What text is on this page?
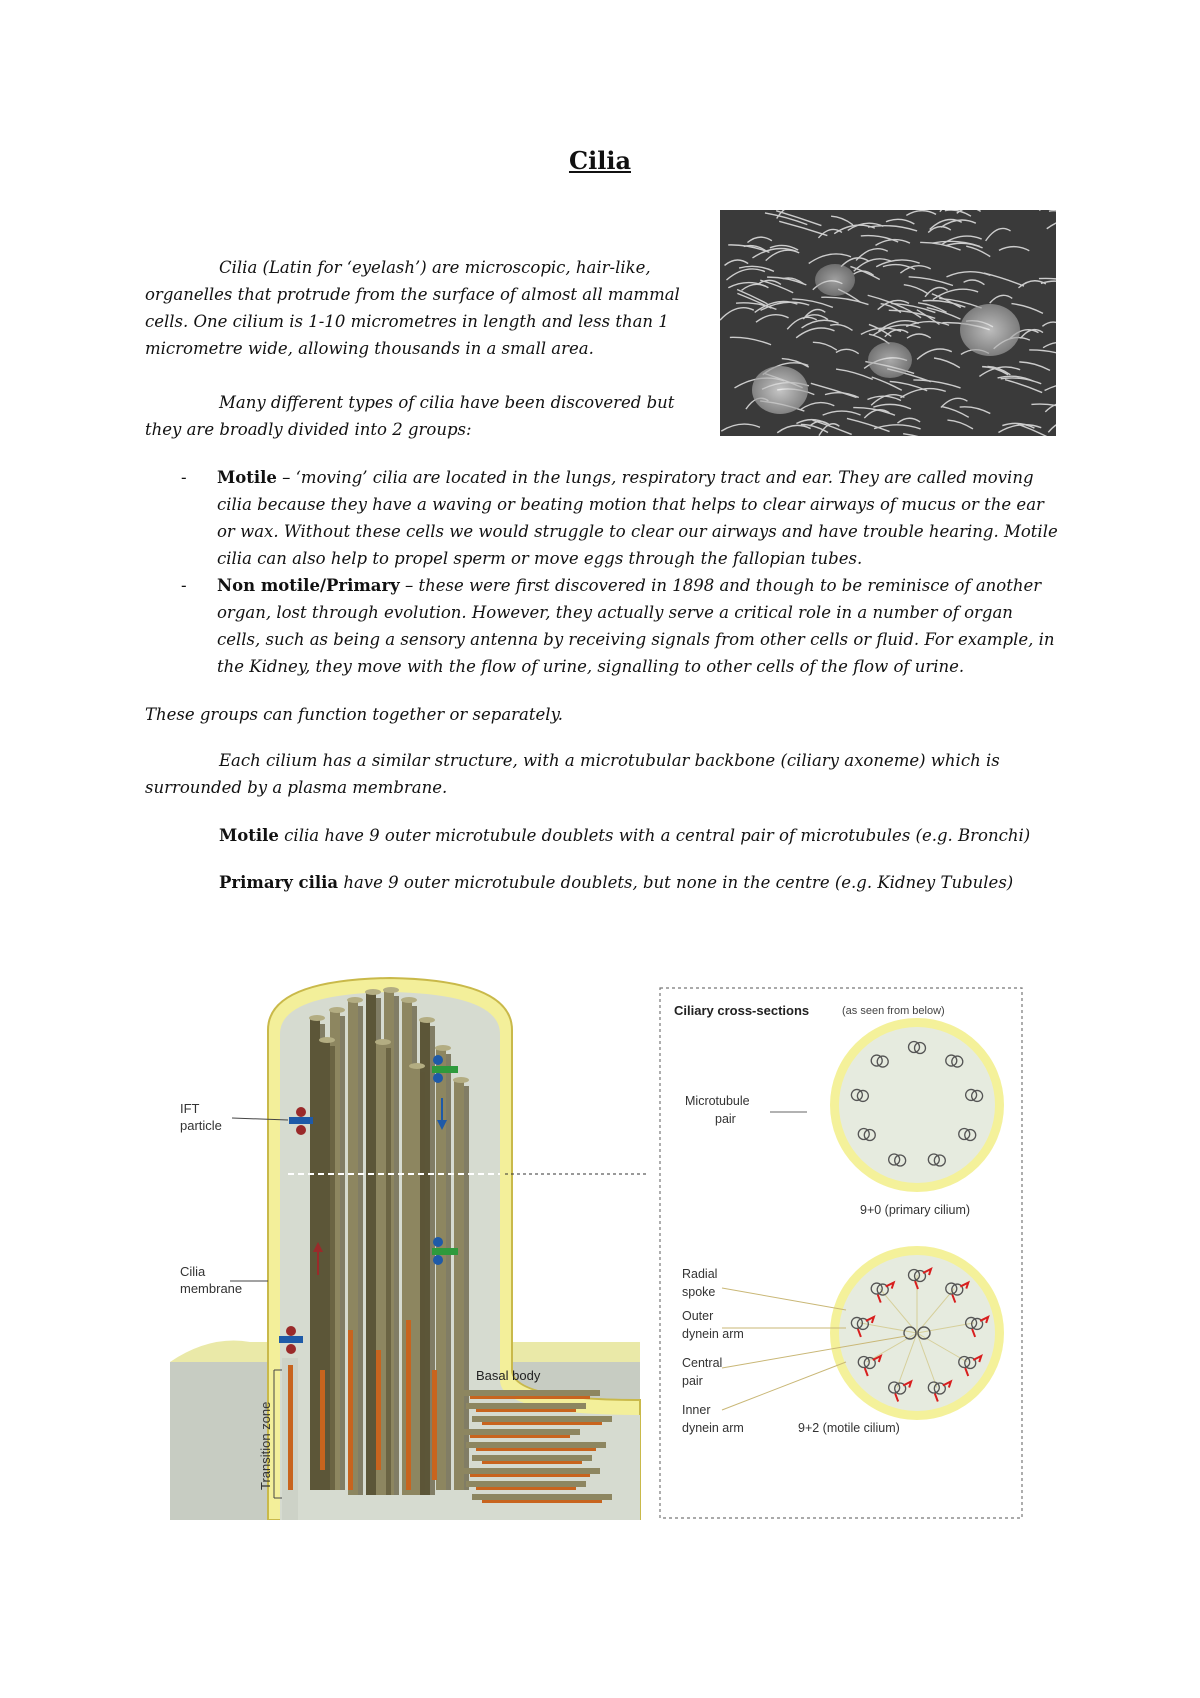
Cilia

Cilia (Latin for ‘eyelash’) are microscopic, hair-like, organelles that protrude from the surface of almost all mammal cells. One cilium is 1-10 micrometres in length and less than 1 micrometre wide, allowing thousands in a small area.

Many different types of cilia have been discovered but they are broadly divided into 2 groups:

- Motile – ‘moving’ cilia are located in the lungs, respiratory tract and ear. They are called moving cilia because they have a waving or beating motion that helps to clear airways of mucus or the ear or wax. Without these cells we would struggle to clear our airways and have trouble hearing. Motile cilia can also help to propel sperm or move eggs through the fallopian tubes.
- Non motile/Primary – these were first discovered in 1898 and though to be reminisce of another organ, lost through evolution. However, they actually serve a critical role in a number of organ cells, such as being a sensory antenna by receiving signals from other cells or fluid. For example, in the Kidney, they move with the flow of urine, signalling to other cells of the flow of urine.

These groups can function together or separately.

Each cilium has a similar structure, with a microtubular backbone (ciliary axoneme) which is surrounded by a plasma membrane.

Motile cilia have 9 outer microtubule doublets with a central pair of microtubules (e.g. Bronchi)

Primary cilia have 9 outer microtubule doublets, but none in the centre (e.g. Kidney Tubules)

IFT
particle
Cilia
membrane
Transition zone
Basal body
Ciliary cross-sections	(as seen from below)
Microtubule
pair
9+0 (primary cilium)
Radial
spoke
Outer
dynein arm
Central
pair
Inner
dynein arm	9+2 (motile cilium)
